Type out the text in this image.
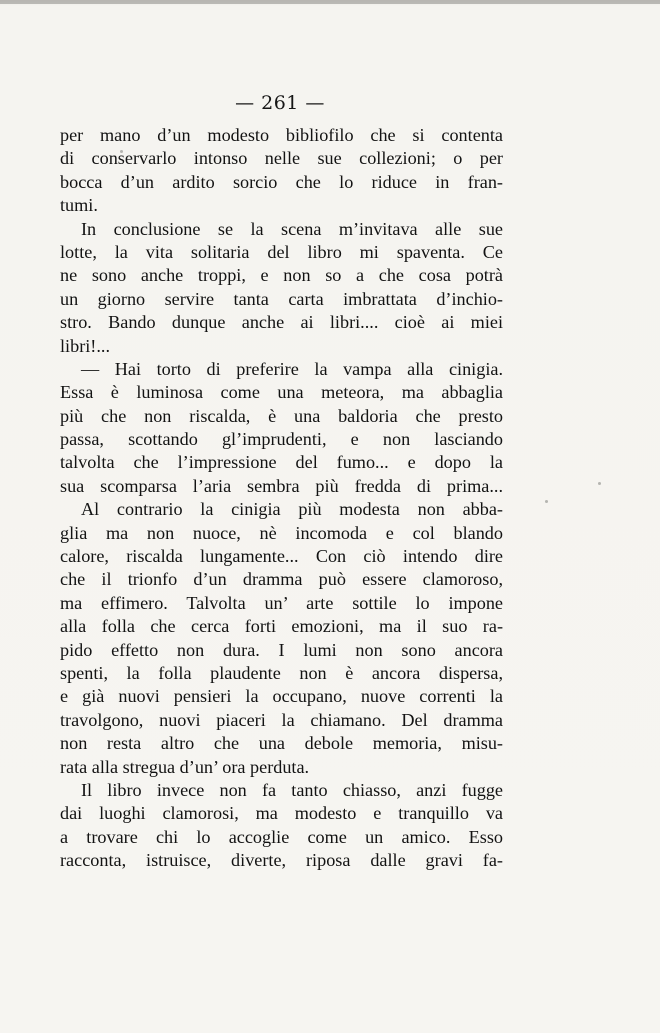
— 261 —
per mano d’un modesto bibliofilo che si contenta
di conservarlo intonso nelle sue collezioni; o per
bocca d’un ardito sorcio che lo riduce in fran-
tumi.
In conclusione se la scena m’invitava alle sue
lotte, la vita solitaria del libro mi spaventa. Ce
ne sono anche troppi, e non so a che cosa potrà
un giorno servire tanta carta imbrattata d’inchio-
stro. Bando dunque anche ai libri.... cioè ai miei
libri!...
— Hai torto di preferire la vampa alla cinigia.
Essa è luminosa come una meteora, ma abbaglia
più che non riscalda, è una baldoria che presto
passa, scottando gl’imprudenti, e non lasciando
talvolta che l’impressione del fumo... e dopo la
sua scomparsa l’aria sembra più fredda di prima...
Al contrario la cinigia più modesta non abba-
glia ma non nuoce, nè incomoda e col blando
calore, riscalda lungamente... Con ciò intendo dire
che il trionfo d’un dramma può essere clamoroso,
ma effimero. Talvolta un’ arte sottile lo impone
alla folla che cerca forti emozioni, ma il suo ra-
pido effetto non dura. I lumi non sono ancora
spenti, la folla plaudente non è ancora dispersa,
e già nuovi pensieri la occupano, nuove correnti la
travolgono, nuovi piaceri la chiamano. Del dramma
non resta altro che una debole memoria, misu-
rata alla stregua d’un’ ora perduta.
Il libro invece non fa tanto chiasso, anzi fugge
dai luoghi clamorosi, ma modesto e tranquillo va
a trovare chi lo accoglie come un amico. Esso
racconta, istruisce, diverte, riposa dalle gravi fa-
